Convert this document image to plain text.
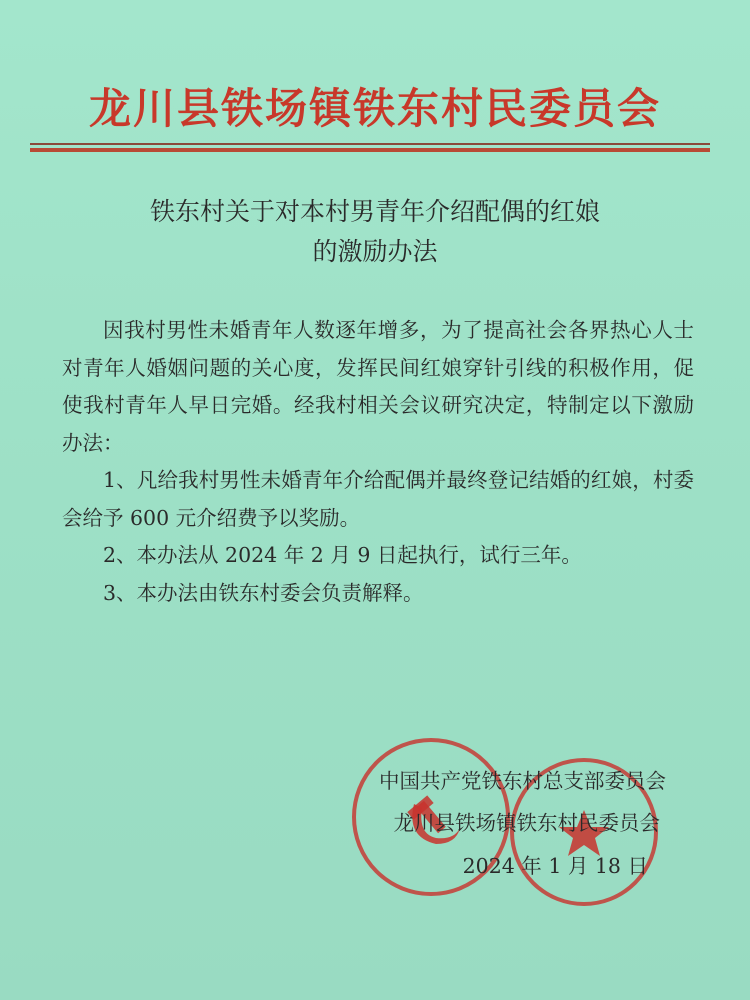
龙川县铁场镇铁东村民委员会
铁东村关于对本村男青年介绍配偶的红娘
的激励办法

因我村男性未婚青年人数逐年增多，为了提高社会各界热心人士对青年人婚姻问题的关心度，发挥民间红娘穿针引线的积极作用，促使我村青年人早日完婚。经我村相关会议研究决定，特制定以下激励办法：

1、凡给我村男性未婚青年介给配偶并最终登记结婚的红娘，村委会给予 600 元介绍费予以奖励。

2、本办法从 2024 年 2 月 9 日起执行，试行三年。

3、本办法由铁东村委会负责解释。

中国共产党铁东村总支部委员会
龙川县铁场镇铁东村民委员会
2024 年 1 月 18 日
